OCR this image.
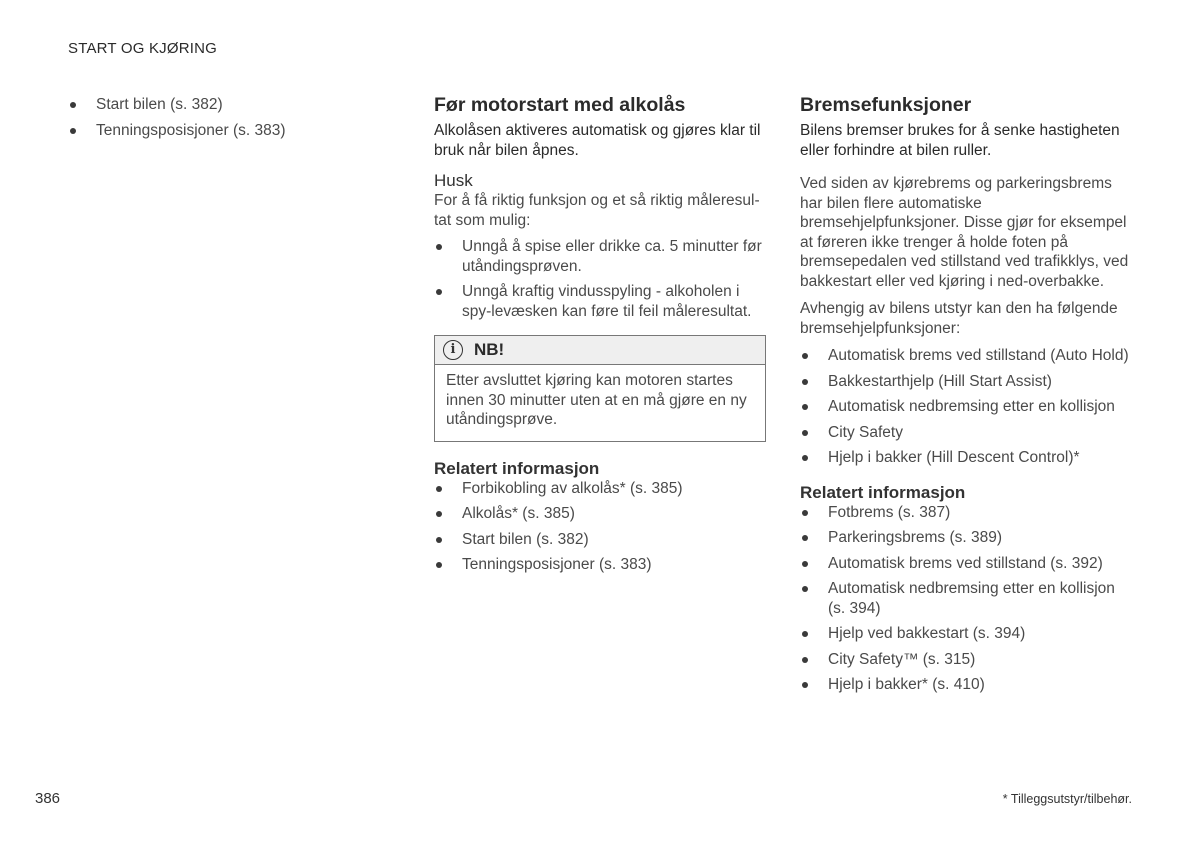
START OG KJØRING
Start bilen (s. 382)
Tenningsposisjoner (s. 383)
Før motorstart med alkolås

Alkolåsen aktiveres automatisk og gjøres klar til bruk når bilen åpnes.

Husk

For å få riktig funksjon og et så riktig måleresul-tat som mulig:

Unngå å spise eller drikke ca. 5 minutter før utåndingsprøven.
Unngå kraftig vindusspyling - alkoholen i spy-levæsken kan føre til feil måleresultat.
i	NB!

Etter avsluttet kjøring kan motoren startes innen 30 minutter uten at en må gjøre en ny utåndingsprøve.

Relatert informasjon
Forbikobling av alkolås* (s. 385)
Alkolås* (s. 385)
Start bilen (s. 382)
Tenningsposisjoner (s. 383)
Bremsefunksjoner

Bilens bremser brukes for å senke hastigheten eller forhindre at bilen ruller.

Ved siden av kjørebrems og parkeringsbrems har bilen flere automatiske bremsehjelpfunksjoner. Disse gjør for eksempel at føreren ikke trenger å holde foten på bremsepedalen ved stillstand ved trafikklys, ved bakkestart eller ved kjøring i ned-overbakke.

Avhengig av bilens utstyr kan den ha følgende bremsehjelpfunksjoner:

Automatisk brems ved stillstand (Auto Hold)
Bakkestarthjelp (Hill Start Assist)
Automatisk nedbremsing etter en kollisjon
City Safety
Hjelp i bakker (Hill Descent Control)*
Relatert informasjon
Fotbrems (s. 387)
Parkeringsbrems (s. 389)
Automatisk brems ved stillstand (s. 392)
Automatisk nedbremsing etter en kollisjon (s. 394)
Hjelp ved bakkestart (s. 394)
City Safety™ (s. 315)
Hjelp i bakker* (s. 410)
386	* Tilleggsutstyr/tilbehør.
